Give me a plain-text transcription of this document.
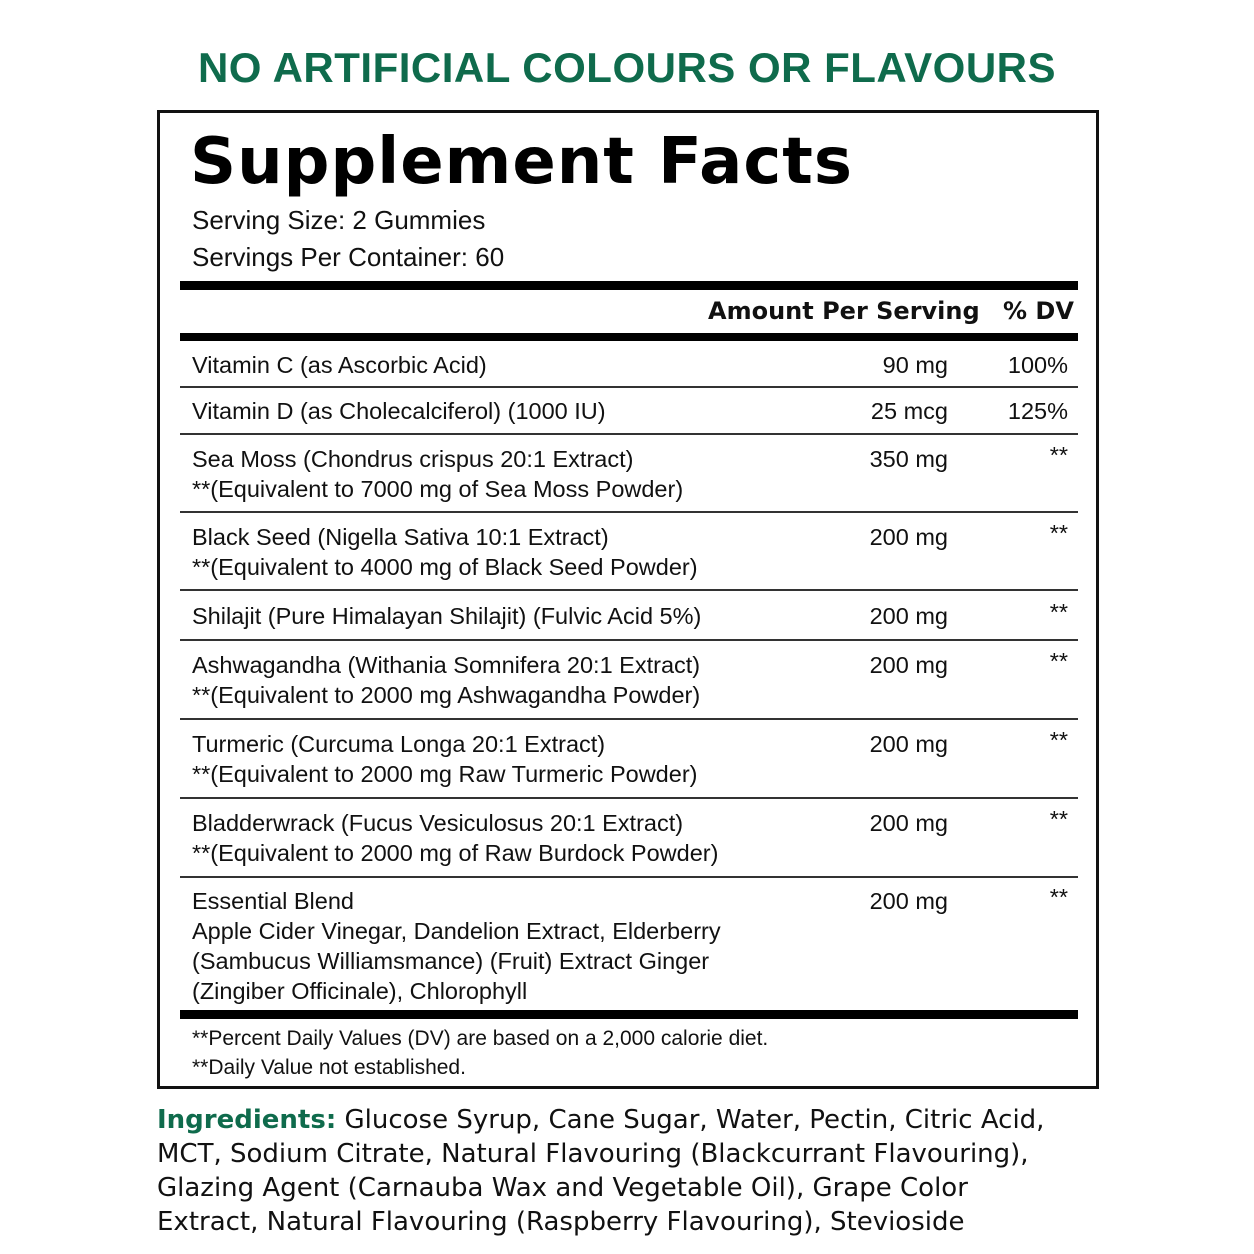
NO ARTIFICIAL COLOURS OR FLAVOURS
Supplement Facts
Serving Size: 2 Gummies
Servings Per Container: 60
Amount Per Serving % DV
Vitamin C (as Ascorbic Acid)	90 mg	100%
Vitamin D (as Cholecalciferol) (1000 IU)	25 mcg	125%
Sea Moss (Chondrus crispus 20:1 Extract)
**(Equivalent to 7000 mg of Sea Moss Powder)
350 mg	**
Black Seed (Nigella Sativa 10:1 Extract)
**(Equivalent to 4000 mg of Black Seed Powder)
200 mg	**
Shilajit (Pure Himalayan Shilajit) (Fulvic Acid 5%)	200 mg	**
Ashwagandha (Withania Somnifera 20:1 Extract)
**(Equivalent to 2000 mg Ashwagandha Powder)
200 mg	**
Turmeric (Curcuma Longa 20:1 Extract)
**(Equivalent to 2000 mg Raw Turmeric Powder)
200 mg	**
Bladderwrack (Fucus Vesiculosus 20:1 Extract)
**(Equivalent to 2000 mg of Raw Burdock Powder)
200 mg	**
Essential Blend
Apple Cider Vinegar, Dandelion Extract, Elderberry
(Sambucus Williamsmance) (Fruit) Extract Ginger
(Zingiber Officinale), Chlorophyll
200 mg	**
**Percent Daily Values (DV) are based on a 2,000 calorie diet.
**Daily Value not established.
Ingredients: Glucose Syrup, Cane Sugar, Water, Pectin, Citric Acid, MCT, Sodium Citrate, Natural Flavouring (Blackcurrant Flavouring), Glazing Agent (Carnauba Wax and Vegetable Oil), Grape Color Extract, Natural Flavouring (Raspberry Flavouring), Stevioside
